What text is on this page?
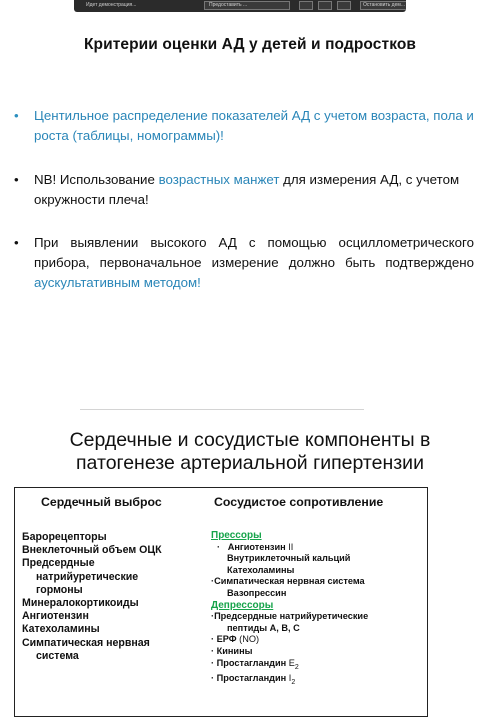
Идет демонстрация...	Предоставить ...	Остановить дем...
Критерии оценки АД у детей и подростков
•	Центильное распределение показателей АД с учетом возраста, пола и роста (таблицы, номограммы)!
•	NB! Использование возрастных манжет для измерения АД, с учетом окружности плеча!
•	При выявлении высокого АД с помощью осциллометрического прибора, первоначальное измерение должно быть подтверждено аускультативным методом!
Сердечные и сосудистые компоненты в
патогенезе артериальной гипертензии
Сердечный выброс	Сосудистое сопротивление
Барорецепторы
Внеклеточный объем ОЦК
Предсердные
натрийуретические
гормоны
Минералокортикоиды
Ангиотензин
Катехоламины
Симпатическая нервная
система
Прессоры
·   Ангиотензин II
Внутриклеточный кальций
Катехоламины
·Симпатическая нервная система
Вазопрессин
Депрессоры
·Предсердные натрийуретические
пептиды А, В, С
· ЕРФ (NO)
· Кинины
· Простагландин $E_2$
· Простагландин $I_2$
